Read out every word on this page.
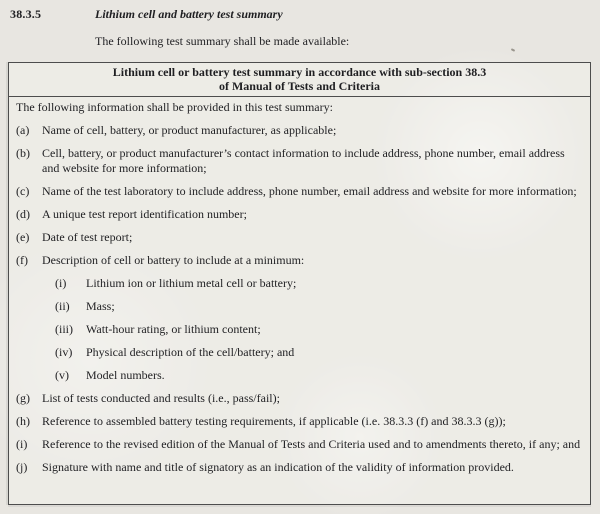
38.3.5	Lithium cell and battery test summary
The following test summary shall be made available:
Lithium cell or battery test summary in accordance with sub-section 38.3
of Manual of Tests and Criteria
The following information shall be provided in this test summary:
(a)	Name of cell, battery, or product manufacturer, as applicable;
(b)	Cell, battery, or product manufacturer’s contact information to include address, phone number, email address and website for more information;
(c)	Name of the test laboratory to include address, phone number, email address and website for more information;
(d)	A unique test report identification number;
(e)	Date of test report;
(f)	Description of cell or battery to include at a minimum:
(i)	Lithium ion or lithium metal cell or battery;
(ii)	Mass;
(iii)	Watt-hour rating, or lithium content;
(iv)	Physical description of the cell/battery; and
(v)	Model numbers.
(g)	List of tests conducted and results (i.e., pass/fail);
(h)	Reference to assembled battery testing requirements, if applicable (i.e. 38.3.3 (f) and 38.3.3 (g));
(i)	Reference to the revised edition of the Manual of Tests and Criteria used and to amendments thereto, if any; and
(j)	Signature with name and title of signatory as an indication of the validity of information provided.
